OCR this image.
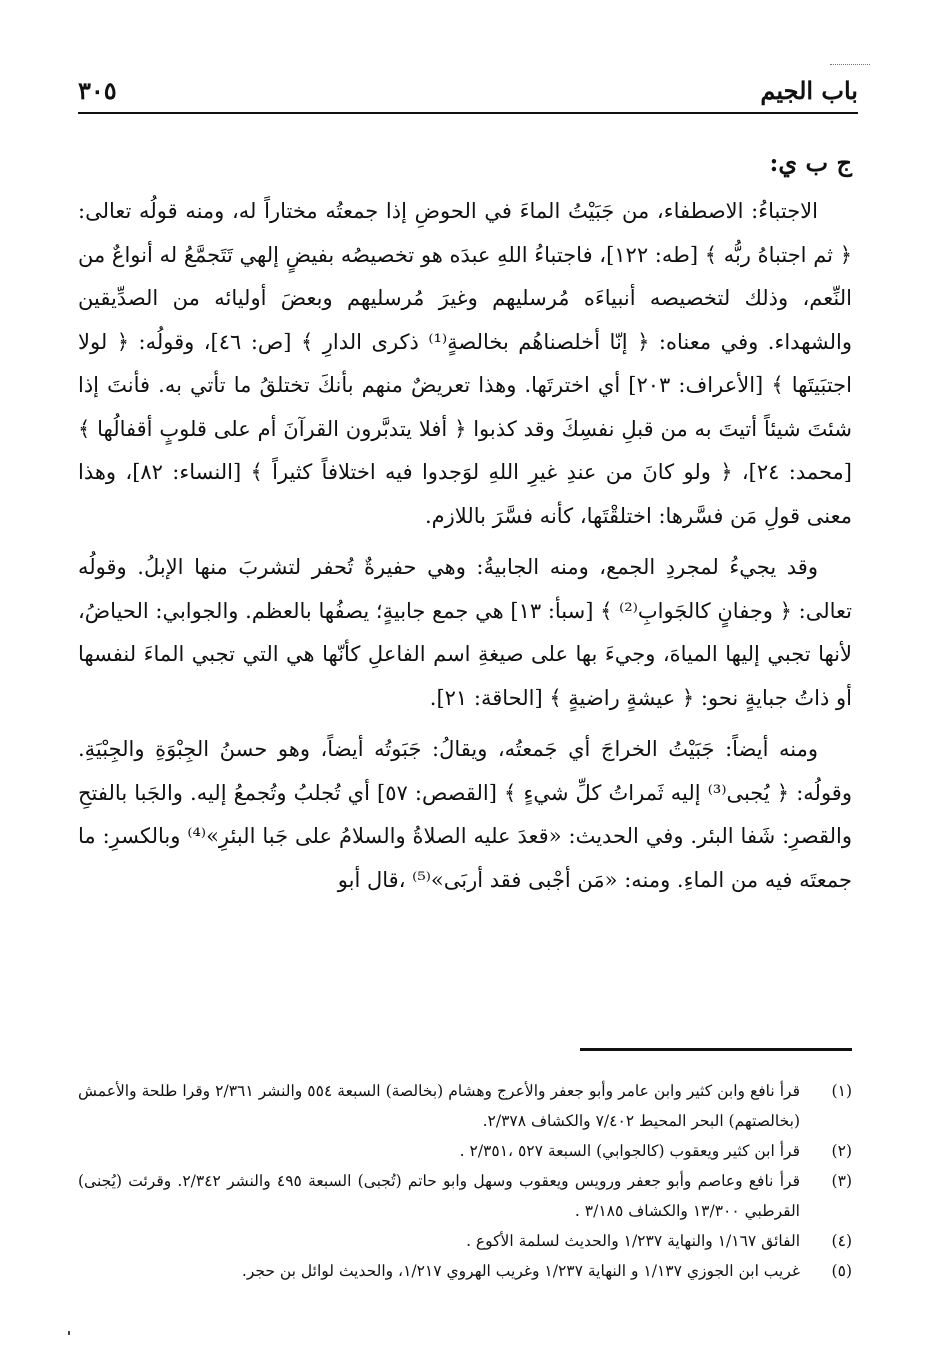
باب الجيم
٣٠٥
ج ب ي:

الاجتباءُ: الاصطفاء، من جَبَيْتُ الماءَ في الحوضِ إذا جمعتُه مختاراً له، ومنه قولُه تعالى: ﴿ ثم اجتباهُ ربُّه ﴾ [طه: ١٢٢]، فاجتباءُ اللهِ عبدَه هو تخصيصُه بفيضٍ إلهي تَتَجمَّعُ له أنواعٌ من النِّعم، وذلك لتخصيصه أنبياءَه مُرسليهم وغيرَ مُرسليهم وبعضَ أوليائه من الصدِّيقين والشهداء. وفي معناه: ﴿ إنّا أخلصناهُم بخالصةٍ⁽¹⁾ ذكرى الدارِ ﴾ [ص: ٤٦]، وقولُه: ﴿ لولا اجتبَيتَها ﴾ [الأعراف: ٢٠٣] أي اخترتَها. وهذا تعريضٌ منهم بأنكَ تختلقُ ما تأتي به. فأنتَ إذا شئتَ شيئاً أتيتَ به من قبلِ نفسِكَ وقد كذبوا ﴿ أفلا يتدبَّرون القرآنَ أم على قلوبٍ أقفالُها ﴾ [محمد: ٢٤]، ﴿ ولو كانَ من عندِ غيرِ اللهِ لوَجدوا فيه اختلافاً كثيراً ﴾ [النساء: ٨٢]، وهذا معنى قولِ مَن فسَّرها: اختلقْتَها، كأنه فسَّرَ باللازم.

وقد يجيءُ لمجردِ الجمع، ومنه الجابيةُ: وهي حفيرةٌ تُحفر لتشربَ منها الإبلُ. وقولُه تعالى: ﴿ وجفانٍ كالجَوابِ⁽²⁾ ﴾ [سبأ: ١٣] هي جمع جابيةٍ؛ يصفُها بالعظم. والجوابي: الحياضُ، لأنها تجبي إليها المياهَ، وجيءَ بها على صيغةِ اسم الفاعلِ كأنّها هي التي تجبي الماءَ لنفسها أو ذاتُ جبايةٍ نحو: ﴿ عيشةٍ راضيةٍ ﴾ [الحاقة: ٢١].

ومنه أيضاً: جَبَيْتُ الخراجَ أي جَمعتُه، ويقالُ: جَبَوتُه أيضاً، وهو حسنُ الجِبْوَةِ والجِبْيَةِ. وقولُه: ﴿ يُجبى⁽³⁾ إليه ثَمراتُ كلِّ شيءٍ ﴾ [القصص: ٥٧] أي تُجلبُ وتُجمعُ إليه. والجَبا بالفتحِ والقصرِ: شَفا البئر. وفي الحديث: «قعدَ عليه الصلاةُ والسلامُ على جَبا البئرِ»⁽⁴⁾ وبالكسرِ: ما جمعتَه فيه من الماءِ. ومنه: «مَن أجْبى فقد أربَى»⁽⁵⁾ ،قال أبو

(١)
قرأ نافع وابن كثير وابن عامر وأبو جعفر والأعرج وهشام (بخالصة) السبعة ٥٥٤ والنشر ٢/٣٦١ وقرا طلحة والأعمش (بخالصتهم) البحر المحيط ٧/٤٠٢ والكشاف ٢/٣٧٨.
(٢)
قرأ ابن كثير ويعقوب (كالجوابي) السبعة ٥٢٧ ،٢/٣٥١ .
(٣)
قرأ نافع وعاصم وأبو جعفر ورويس ويعقوب وسهل وابو حاتم (تُجبى) السبعة ٤٩٥ والنشر ٢/٣٤٢. وقرئت (يُجنى) القرطبي ١٣/٣٠٠ والكشاف ٣/١٨٥ .
(٤)
الفائق ١/١٦٧ والنهاية ١/٢٣٧ والحديث لسلمة الأكوع .
(٥)
غريب ابن الجوزي ١/١٣٧ و النهاية ١/٢٣٧ وغريب الهروي ١/٢١٧، والحديث لوائل بن حجر.
